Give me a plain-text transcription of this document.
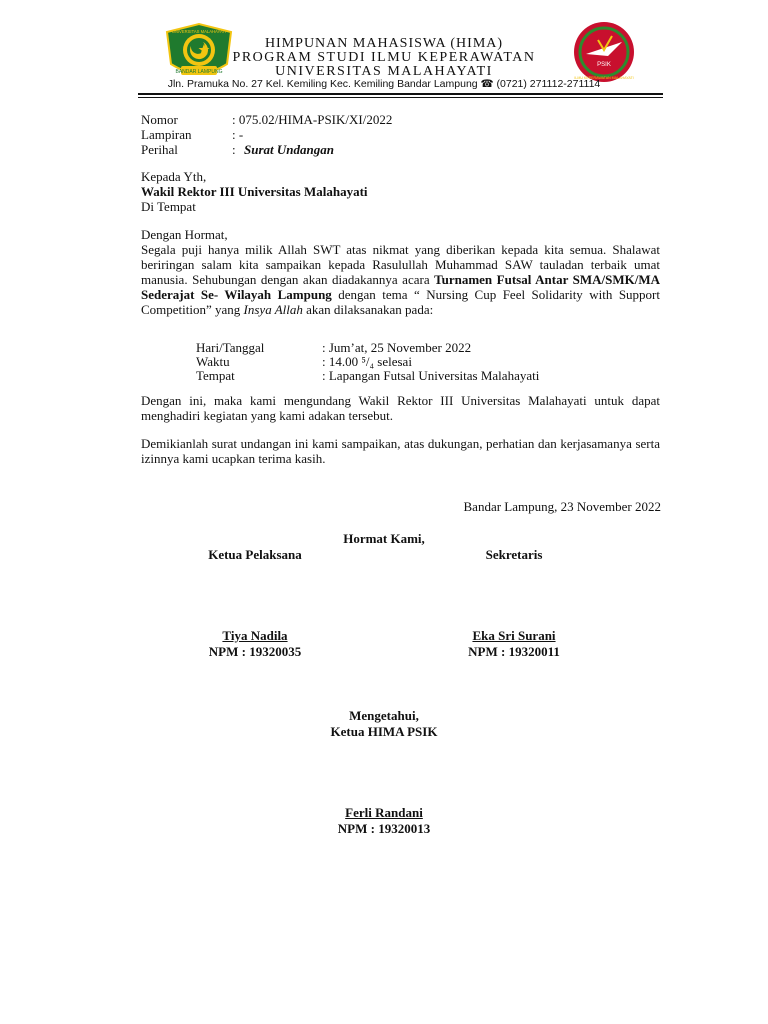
BANDAR LAMPUNG
UNIVERSITAS MALAHAYATI
PSIK
ILMU KEPERAWATAN MALAHAYATI
HIMPUNAN MAHASISWA (HIMA)
PROGRAM STUDI ILMU KEPERAWATAN
UNIVERSITAS MALAHAYATI
Jln. Pramuka No. 27 Kel. Kemiling Kec. Kemiling Bandar Lampung ☎ (0721) 271112-271114
Nomor	: 075.02/HIMA-PSIK/XI/2022
Lampiran	: -
Perihal	: Surat Undangan
Kepada Yth,
Wakil Rektor III Universitas Malahayati
Di Tempat
Dengan Hormat,
Segala puji hanya milik Allah SWT atas nikmat yang diberikan kepada kita semua. Shalawat beriringan salam kita sampaikan kepada Rasulullah Muhammad SAW tauladan terbaik umat manusia. Sehubungan dengan akan diadakannya acara Turnamen Futsal Antar SMA/SMK/MA Sederajat Se- Wilayah Lampung dengan tema “ Nursing Cup Feel Solidarity with Support Competition” yang Insya Allah akan dilaksanakan pada:
Hari/Tanggal	: Jum’at, 25 November 2022
Waktu	: 14.00 ⁵/₄ selesai
Tempat	: Lapangan Futsal Universitas Malahayati
Dengan ini, maka kami mengundang Wakil Rektor III Universitas Malahayati untuk dapat menghadiri kegiatan yang kami adakan tersebut.
Demikianlah surat undangan ini kami sampaikan, atas dukungan, perhatian dan kerjasamanya serta izinnya kami ucapkan terima kasih.
Bandar Lampung, 23 November 2022
Hormat Kami,
Ketua Pelaksana	Sekretaris
Tiya Nadila
NPM : 19320035
Eka Sri Surani
NPM : 19320011
Mengetahui,
Ketua HIMA PSIK
Ferli Randani
NPM : 19320013
